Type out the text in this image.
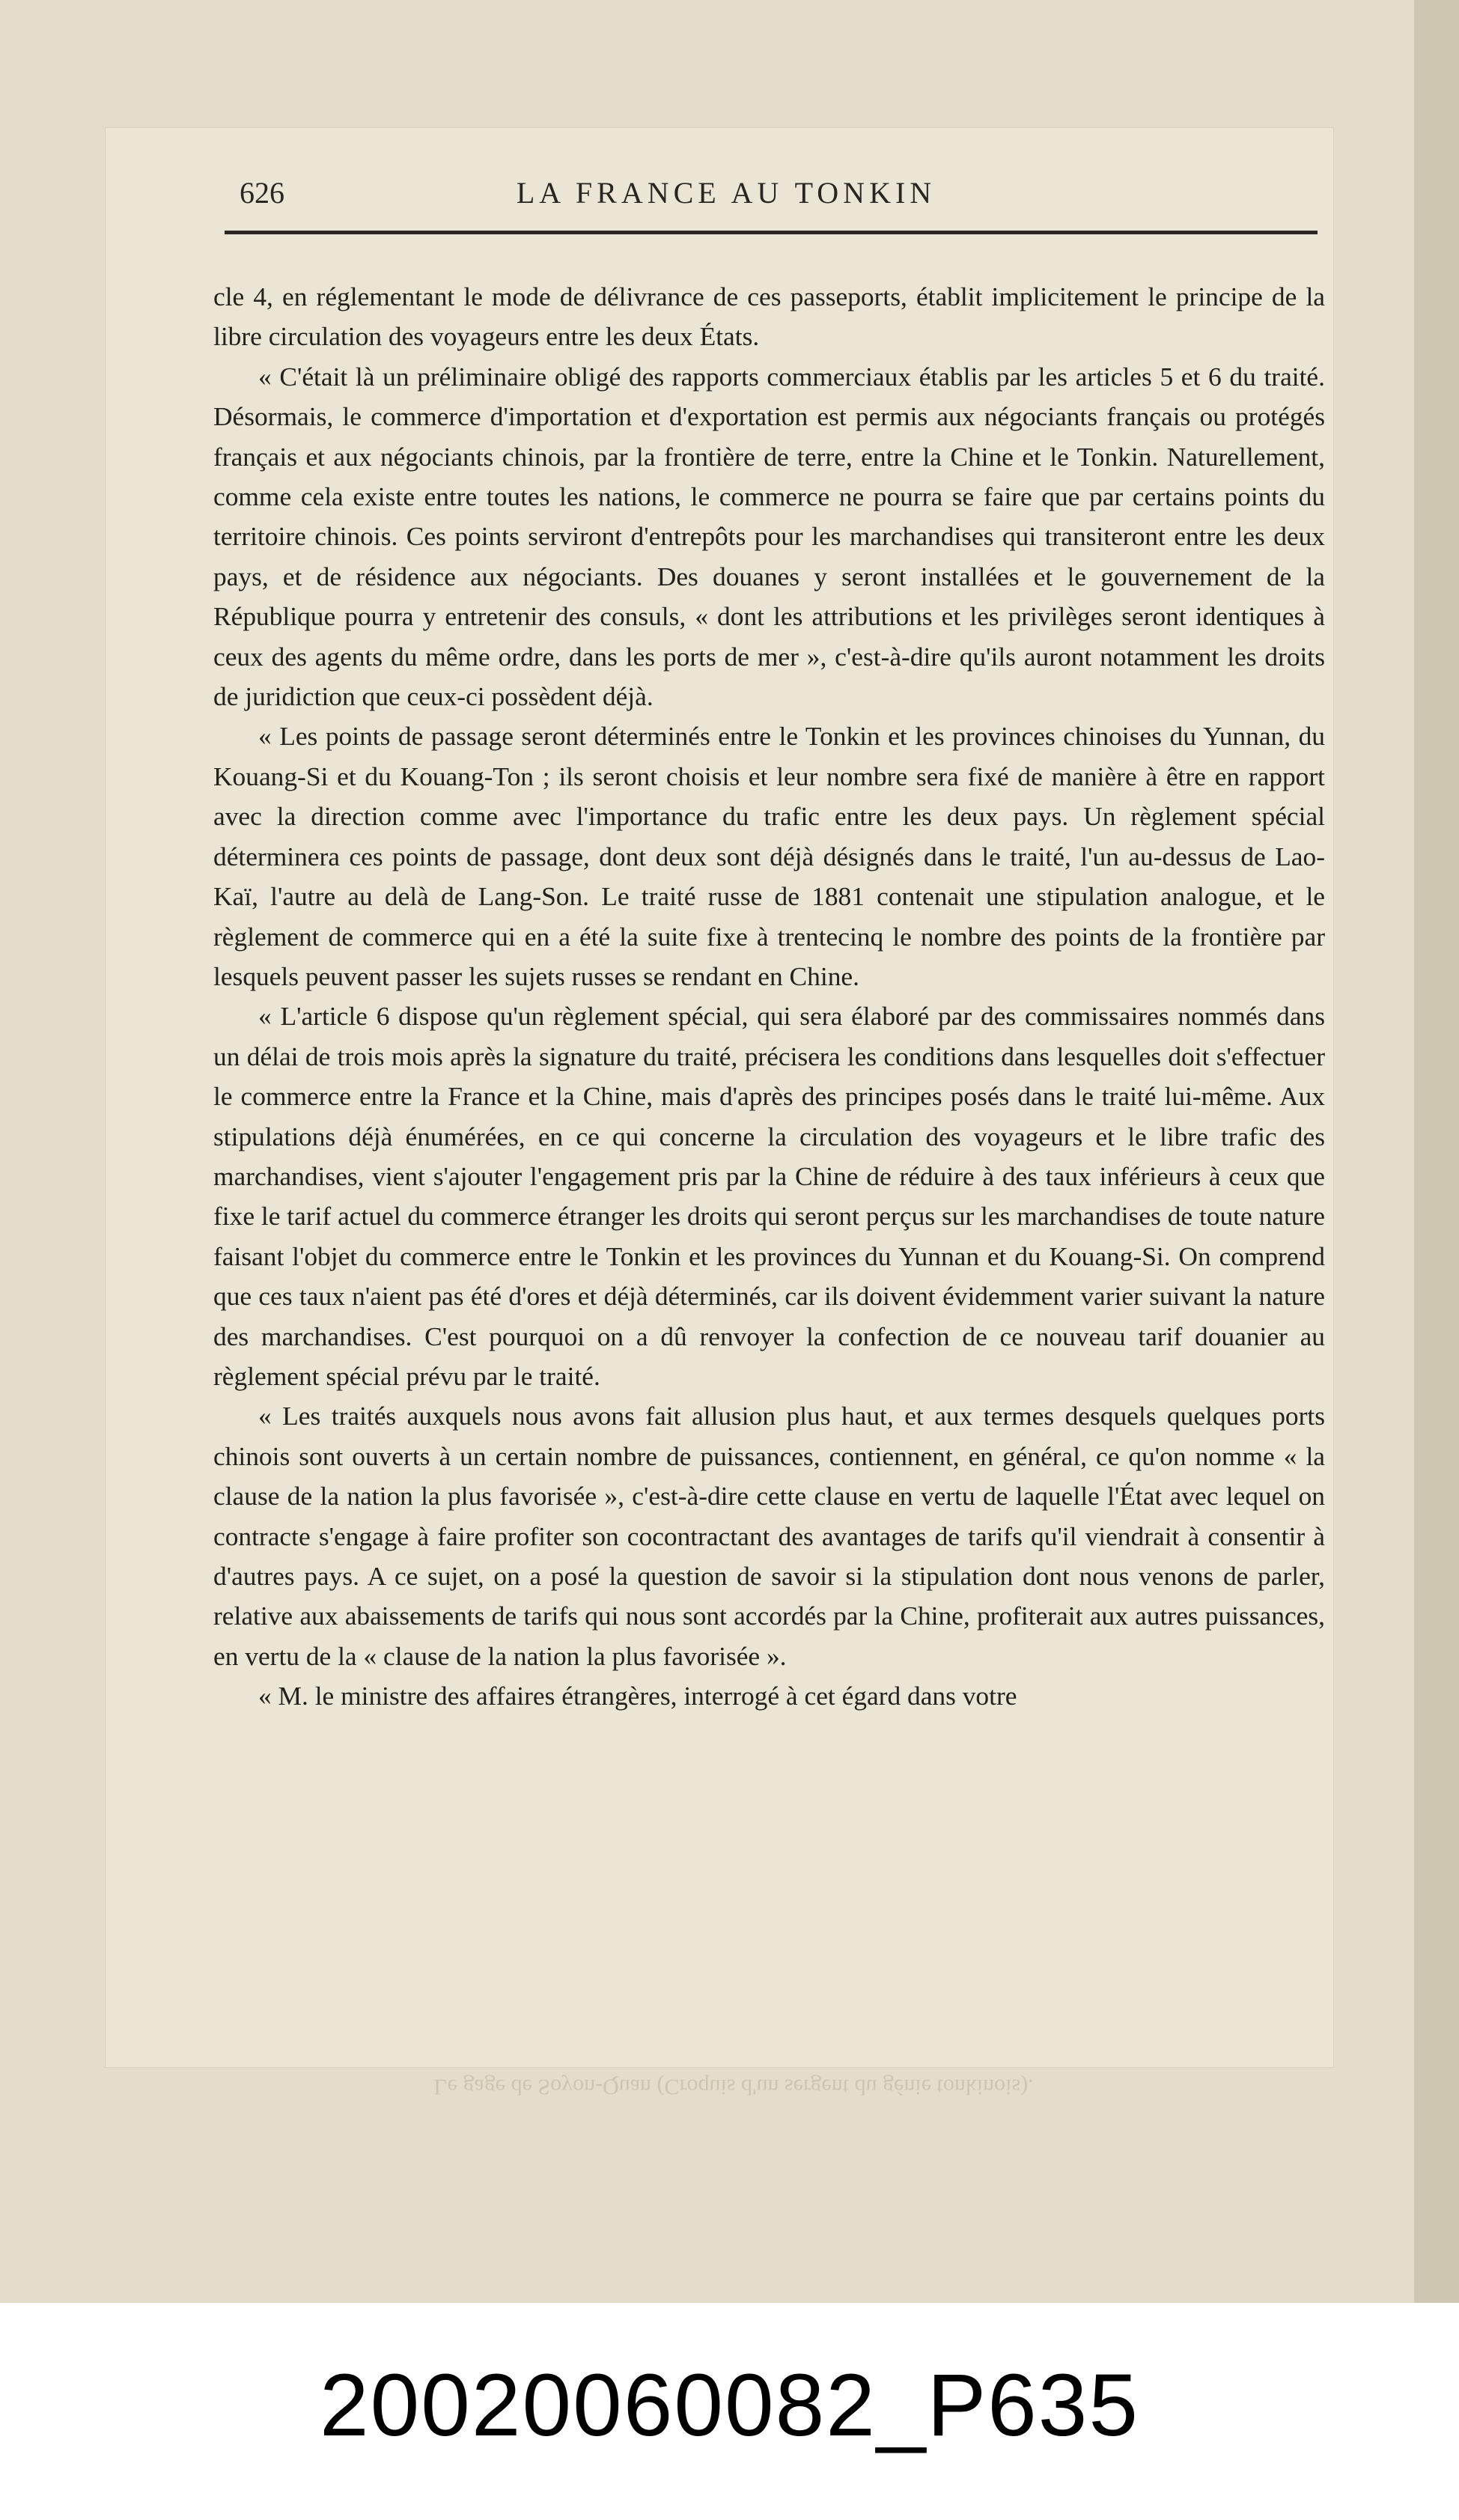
626	LA FRANCE AU TONKIN

cle 4, en réglementant le mode de délivrance de ces passeports, établit implicitement le principe de la libre circulation des voyageurs entre les deux États.

« C'était là un préliminaire obligé des rapports commerciaux établis par les articles 5 et 6 du traité. Désormais, le commerce d'importation et d'exportation est permis aux négociants français ou protégés français et aux négociants chinois, par la frontière de terre, entre la Chine et le Tonkin. Naturellement, comme cela existe entre toutes les nations, le commerce ne pourra se faire que par certains points du territoire chinois. Ces points serviront d'entrepôts pour les marchandises qui transiteront entre les deux pays, et de résidence aux négociants. Des douanes y seront installées et le gouvernement de la République pourra y entretenir des consuls, « dont les attributions et les privilèges seront identiques à ceux des agents du même ordre, dans les ports de mer », c'est-à-dire qu'ils auront notamment les droits de juridiction que ceux-ci possèdent déjà.

« Les points de passage seront déterminés entre le Tonkin et les provinces chinoises du Yunnan, du Kouang-Si et du Kouang-Ton ; ils seront choisis et leur nombre sera fixé de manière à être en rapport avec la direction comme avec l'importance du trafic entre les deux pays. Un règlement spécial déterminera ces points de passage, dont deux sont déjà désignés dans le traité, l'un au-dessus de Lao-Kaï, l'autre au delà de Lang-Son. Le traité russe de 1881 contenait une stipulation analogue, et le règlement de commerce qui en a été la suite fixe à trentecinq le nombre des points de la frontière par lesquels peuvent passer les sujets russes se rendant en Chine.

« L'article 6 dispose qu'un règlement spécial, qui sera élaboré par des commissaires nommés dans un délai de trois mois après la signature du traité, précisera les conditions dans lesquelles doit s'effectuer le commerce entre la France et la Chine, mais d'après des principes posés dans le traité lui-même. Aux stipulations déjà énumérées, en ce qui concerne la circulation des voyageurs et le libre trafic des marchandises, vient s'ajouter l'engagement pris par la Chine de réduire à des taux inférieurs à ceux que fixe le tarif actuel du commerce étranger les droits qui seront perçus sur les marchandises de toute nature faisant l'objet du commerce entre le Tonkin et les provinces du Yunnan et du Kouang-Si. On comprend que ces taux n'aient pas été d'ores et déjà déterminés, car ils doivent évidemment varier suivant la nature des marchandises. C'est pourquoi on a dû renvoyer la confection de ce nouveau tarif douanier au règlement spécial prévu par le traité.

« Les traités auxquels nous avons fait allusion plus haut, et aux termes desquels quelques ports chinois sont ouverts à un certain nombre de puissances, contiennent, en général, ce qu'on nomme « la clause de la nation la plus favorisée », c'est-à-dire cette clause en vertu de laquelle l'État avec lequel on contracte s'engage à faire profiter son cocontractant des avantages de tarifs qu'il viendrait à consentir à d'autres pays. A ce sujet, on a posé la question de savoir si la stipulation dont nous venons de parler, relative aux abaissements de tarifs qui nous sont accordés par la Chine, profiterait aux autres puissances, en vertu de la « clause de la nation la plus favorisée ».

« M. le ministre des affaires étrangères, interrogé à cet égard dans votre

Le gage de Soyon-Quan (Croquis d'un sergent du génie tonkinois).
20020060082_P635
